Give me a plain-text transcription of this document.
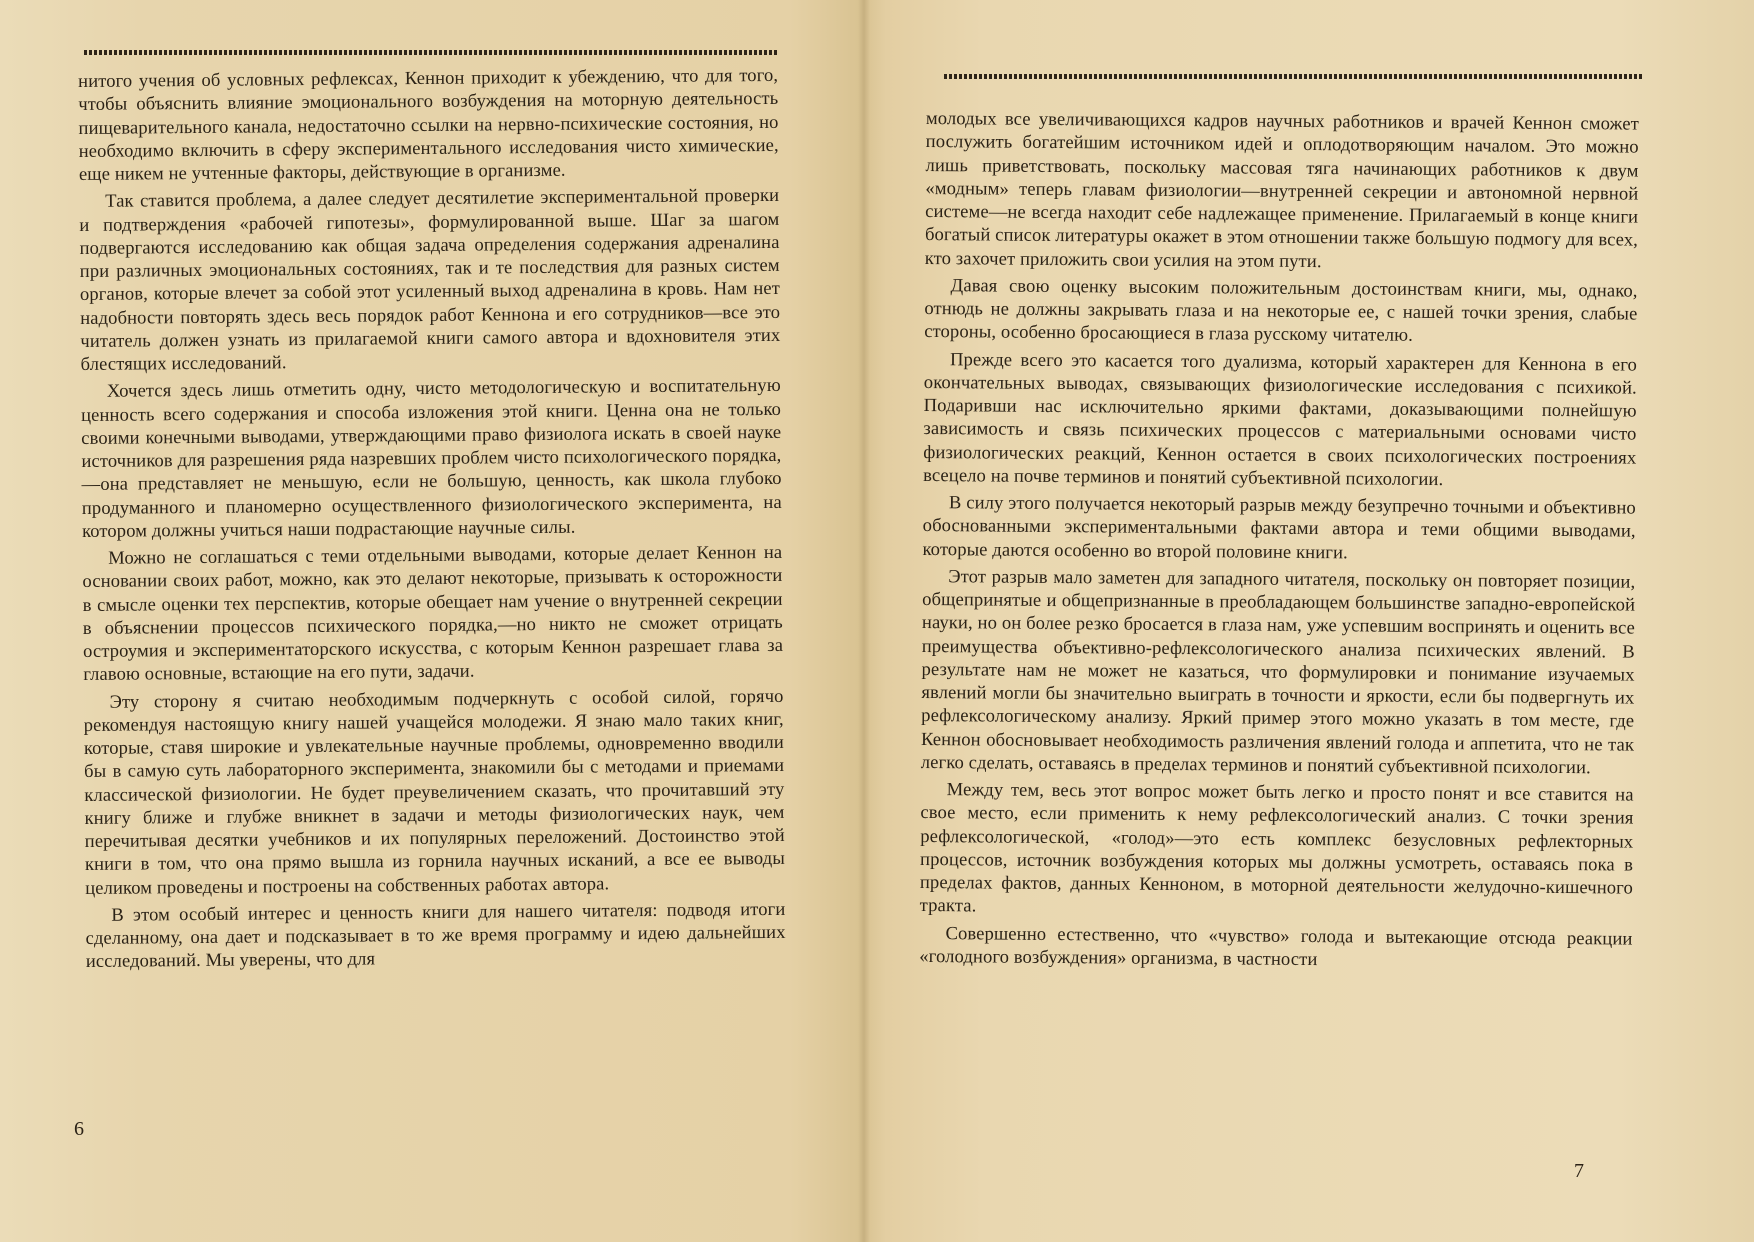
нитого учения об условных рефлексах, Кеннон приходит к убеждению, что для того, чтобы объяснить влияние эмоционального возбуждения на моторную деятельность пищеварительного канала, недостаточно ссылки на нервно-психические состояния, но необходимо включить в сферу экспериментального иcследования чисто химические, еще никем не учтенные факторы, действующие в организме.

Так ставится проблема, а далее следует десятилетие экспериментальной проверки и подтверждения «рабочей гипотезы», формулированной выше. Шаг за шагом подвергаются исследованию как общая задача определения содержания адреналина при различных эмоциональных состояниях, так и те последствия для разных систем органов, которые влечет за собой этот усиленный выход адреналина в кровь. Нам нет надобности повторять здесь весь порядок работ Кеннона и его сотрудников—все это читатель должен узнать из прилагаемой книги самого автора и вдохновителя этих блестящих исследований.

Хочется здесь лишь отметить одну, чисто методологическую и воспитательную ценность всего содержания и способа изложения этой книги. Ценна она не только своими конечными выводами, утверждающими право физиолога искать в своей науке источников для разрешения ряда назревших проблем чисто психологического порядка,—она представляет не меньшую, если не большую, ценность, как школа глубоко продуманного и планомерно осуществленного физиологического эксперимента, на котором должны учиться наши подрастающие научные силы.

Можно не соглашаться с теми отдельными выводами, которые делает Кеннон на основании своих работ, можно, как это делают некоторые, призывать к осторожности в смысле оценки тех перспектив, которые обещает нам учение о внутренней секреции в объяснении процессов психического порядка,—но никто не сможет отрицать остроумия и экспериментаторского искусства, с которым Кеннон разрешает глава за главою основные, встающие на его пути, задачи.

Эту сторону я считаю необходимым подчеркнуть с особой силой, горячо рекомендуя настоящую книгу нашей учащейся молодежи. Я знаю мало таких книг, которые, ставя широкие и увлекательные научные проблемы, одновременно вводили бы в самую суть лабораторного эксперимента, знакомили бы с методами и приемами классической физиологии. Не будет преувеличением сказать, что прочитавший эту книгу ближе и глубже вникнет в задачи и методы физиологических наук, чем перечитывая десятки учебников и их популярных переложений. Достоинство этой книги в том, что она прямо вышла из горнила научных исканий, а все ее выводы целиком проведены и построены на собственных работах автора.

В этом особый интерес и ценность книги для нашего читателя: подводя итоги сделанному, она дает и подсказывает в то же время программу и идею дальнейших исследований. Мы уверены, что для

6

молодых все увеличивающихся кадров научных работников и врачей Кеннон сможет послужить богатейшим источником идей и оплодотворяющим началом. Это можно лишь приветствовать, поскольку массовая тяга начинающих работников к двум «модным» теперь главам физиологии—внутренней секреции и автономной нервной системе—не всегда находит себе надлежащее применение. Прилагаемый в конце книги богатый список литературы окажет в этом отношении также большую подмогу для всех, кто захочет приложить свои усилия на этом пути.

Давая свою оценку высоким положительным достоинствам книги, мы, однако, отнюдь не должны закрывать глаза и на некоторые ее, с нашей точки зрения, слабые стороны, особенно бросающиеся в глаза русскому читателю.

Прежде всего это касается того дуализма, который характерен для Кеннона в его окончательных выводах, связывающих физиологические исследования с психикой. Подаривши нас исключительно яркими фактами, доказывающими полнейшую зависимость и связь психических процессов с материальными основами чисто физиологических реакций, Кеннон остается в своих психологических построениях всецело на почве терминов и понятий субъективной психологии.

В силу этого получается некоторый разрыв между безупречно точными и объективно обоснованными экспериментальными фактами автора и теми общими выводами, которые даются особенно во второй половине книги.

Этот разрыв мало заметен для западного читателя, поскольку он повторяет позиции, общепринятые и общепризнанные в преобладающем большинстве западно-европейской науки, но он более резко бросается в глаза нам, уже успевшим воспринять и оценить все преимущества объективно-рефлексологического анализа психических явлений. В результате нам не может не казаться, что формулировки и понимание изучаемых явлений могли бы значительно выиграть в точности и яркости, если бы подвергнуть их рефлексологическому анализу. Яркий пример этого можно указать в том месте, где Кеннон обосновывает необходимость различения явлений голода и аппетита, что не так легко сделать, оставаясь в пределах терминов и понятий субъективной психологии.

Между тем, весь этот вопрос может быть легко и просто понят и все ставится на свое место, если применить к нему рефлексологический анализ. С точки зрения рефлексологической, «голод»—это есть комплекс безусловных рефлекторных процессов, источник возбуждения которых мы должны усмотреть, оставаясь пока в пределах фактов, данных Кенноном, в моторной деятельности желудочно-кишечного тракта.

Совершенно естественно, что «чувство» голода и вытекающие отсюда реакции «голодного возбуждения» организма, в частности

7
